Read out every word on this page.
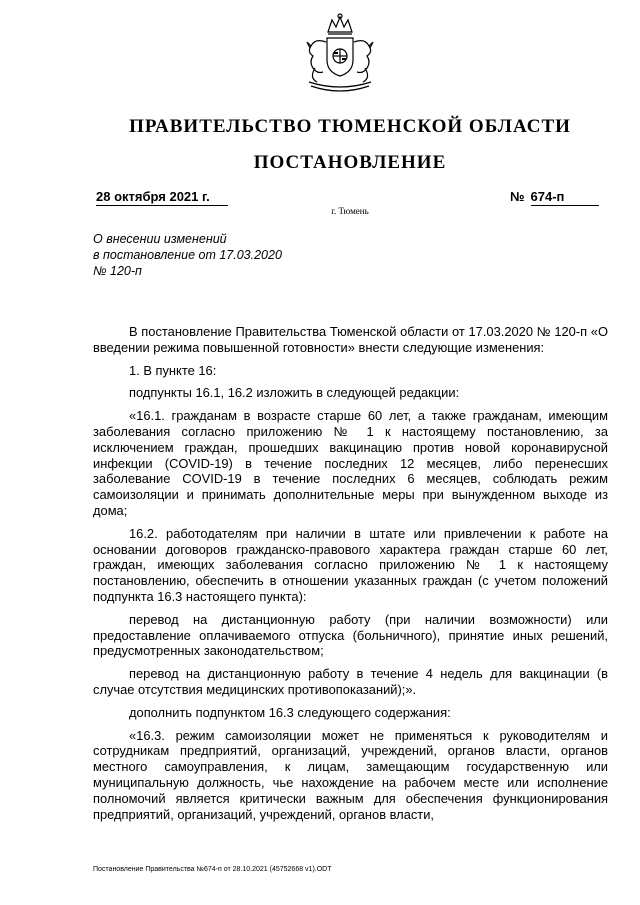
ПРАВИТЕЛЬСТВО ТЮМЕНСКОЙ ОБЛАСТИ
ПОСТАНОВЛЕНИЕ
28 октября 2021 г.	№ 674-п
г. Тюмень
О внесении изменений
в постановление от 17.03.2020
№ 120-п

В постановление Правительства Тюменской области от 17.03.2020 № 120-п «О введении режима повышенной готовности» внести следующие изменения:

1. В пункте 16:

подпункты 16.1, 16.2 изложить в следующей редакции:

«16.1. гражданам в возрасте старше 60 лет, а также гражданам, имеющим заболевания согласно приложению № 1 к настоящему постановлению, за исключением граждан, прошедших вакцинацию против новой коронавирусной инфекции (COVID-19) в течение последних 12 месяцев, либо перенесших заболевание COVID-19 в течение последних 6 месяцев, соблюдать режим самоизоляции и принимать дополнительные меры при вынужденном выходе из дома;

16.2. работодателям при наличии в штате или привлечении к работе на основании договоров гражданско-правового характера граждан старше 60 лет, граждан, имеющих заболевания согласно приложению № 1 к настоящему постановлению, обеспечить в отношении указанных граждан (с учетом положений подпункта 16.3 настоящего пункта):

перевод на дистанционную работу (при наличии возможности) или предоставление оплачиваемого отпуска (больничного), принятие иных решений, предусмотренных законодательством;

перевод на дистанционную работу в течение 4 недель для вакцинации (в случае отсутствия медицинских противопоказаний);».

дополнить подпунктом 16.3 следующего содержания:

«16.3. режим самоизоляции может не применяться к руководителям и сотрудникам предприятий, организаций, учреждений, органов власти, органов местного самоуправления, к лицам, замещающим государственную или муниципальную должность, чье нахождение на рабочем месте или исполнение полномочий является критически важным для обеспечения функционирования предприятий, организаций, учреждений, органов власти,

Постановление Правительства №674-п от 28.10.2021 (45752668 v1).ODT
